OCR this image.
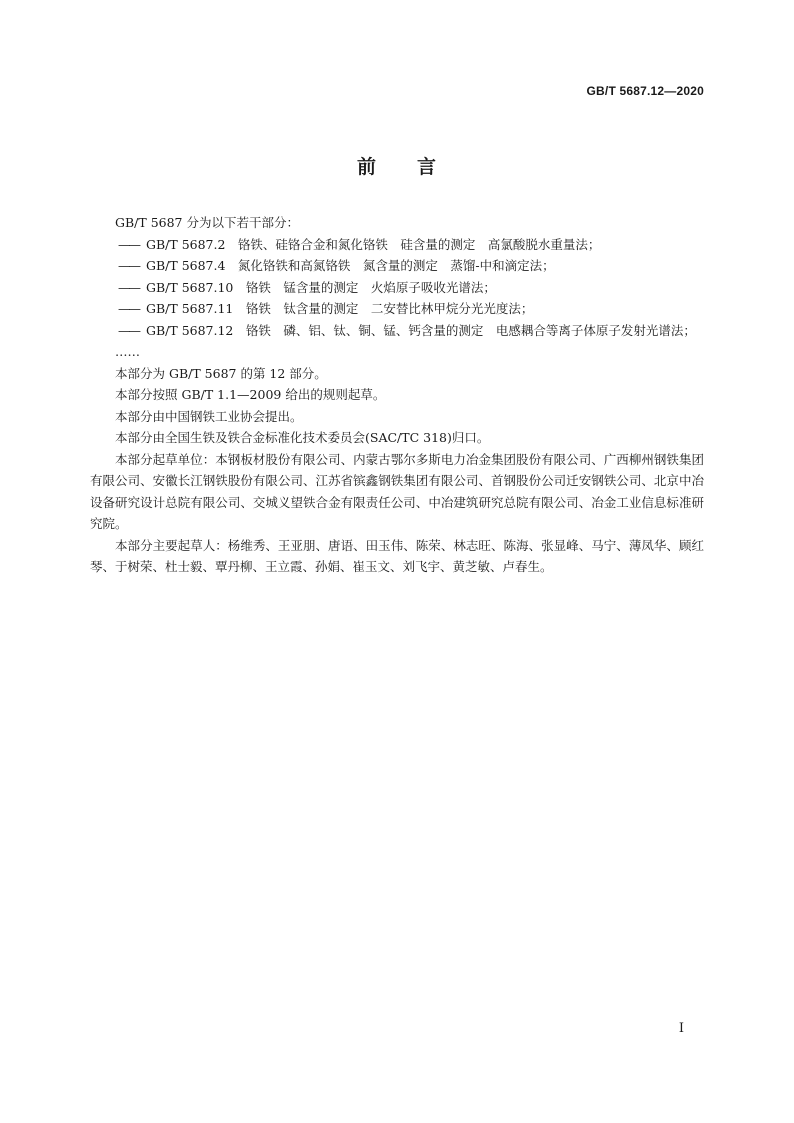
GB/T 5687.12—2020
前 言

GB/T 5687 分为以下若干部分：

—— GB/T 5687.2　铬铁、硅铬合金和氮化铬铁　硅含量的测定　高氯酸脱水重量法；

—— GB/T 5687.4　氮化铬铁和高氮铬铁　氮含量的测定　蒸馏-中和滴定法；

—— GB/T 5687.10　铬铁　锰含量的测定　火焰原子吸收光谱法；

—— GB/T 5687.11　铬铁　钛含量的测定　二安替比林甲烷分光光度法；

—— GB/T 5687.12　铬铁　磷、铝、钛、铜、锰、钙含量的测定　电感耦合等离子体原子发射光谱法；

……

本部分为 GB/T 5687 的第 12 部分。

本部分按照 GB/T 1.1—2009 给出的规则起草。

本部分由中国钢铁工业协会提出。

本部分由全国生铁及铁合金标准化技术委员会(SAC/TC 318)归口。

本部分起草单位：本钢板材股份有限公司、内蒙古鄂尔多斯电力冶金集团股份有限公司、广西柳州钢铁集团有限公司、安徽长江钢铁股份有限公司、江苏省镔鑫钢铁集团有限公司、首钢股份公司迁安钢铁公司、北京中冶设备研究设计总院有限公司、交城义望铁合金有限责任公司、中冶建筑研究总院有限公司、冶金工业信息标准研究院。

本部分主要起草人：杨维秀、王亚朋、唐语、田玉伟、陈荣、林志旺、陈海、张显峰、马宁、薄凤华、顾红琴、于树荣、杜士毅、覃丹柳、王立霞、孙娟、崔玉文、刘飞宇、黄芝敏、卢春生。

I
